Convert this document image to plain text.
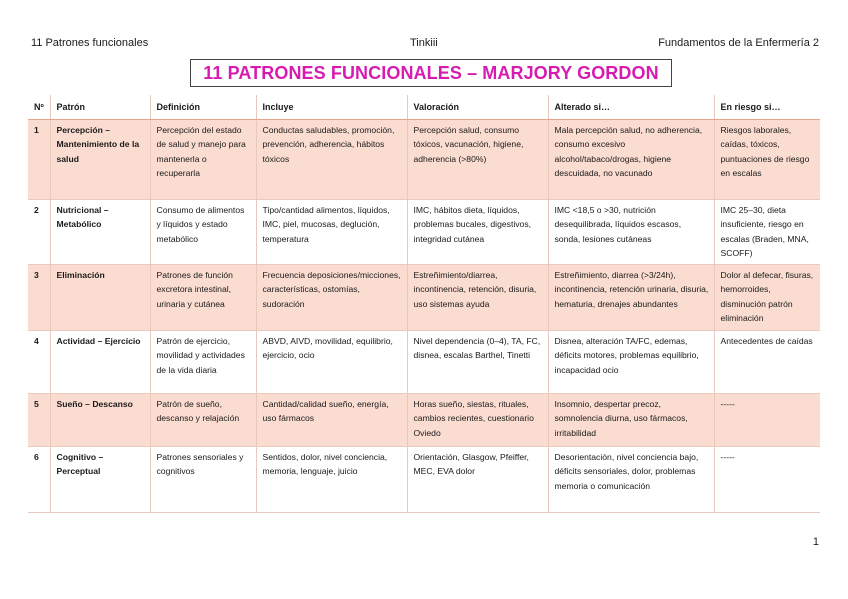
11 Patrones funcionales	Tinkiii	Fundamentos de la Enfermería 2
11 PATRONES FUNCIONALES – MARJORY GORDON
Nº	Patrón	Definición	Incluye	Valoración	Alterado si…	En riesgo si…
1	Percepción – Mantenimiento de la salud	Percepción del estado de salud y manejo para mantenerla o recuperarla	Conductas saludables, promoción, prevención, adherencia, hábitos tóxicos	Percepción salud, consumo tóxicos, vacunación, higiene, adherencia (>80%)	Mala percepción salud, no adherencia, consumo excesivo alcohol/tabaco/drogas, higiene descuidada, no vacunado	Riesgos laborales, caídas, tóxicos, puntuaciones de riesgo en escalas
2	Nutricional – Metabólico	Consumo de alimentos y líquidos y estado metabólico	Tipo/cantidad alimentos, líquidos, IMC, piel, mucosas, deglución, temperatura	IMC, hábitos dieta, líquidos, problemas bucales, digestivos, integridad cutánea	IMC <18,5 o >30, nutrición desequilibrada, líquidos escasos, sonda, lesiones cutáneas	IMC 25–30, dieta insuficiente, riesgo en escalas (Braden, MNA, SCOFF)
3	Eliminación	Patrones de función excretora intestinal, urinaria y cutánea	Frecuencia deposiciones/micciones, características, ostomías, sudoración	Estreñimiento/diarrea, incontinencia, retención, disuria, uso sistemas ayuda	Estreñimiento, diarrea (>3/24h), incontinencia, retención urinaria, disuria, hematuria, drenajes abundantes	Dolor al defecar, fisuras, hemorroides, disminución patrón eliminación
4	Actividad – Ejercicio	Patrón de ejercicio, movilidad y actividades de la vida diaria	ABVD, AIVD, movilidad, equilibrio, ejercicio, ocio	Nivel dependencia (0–4), TA, FC, disnea, escalas Barthel, Tinetti	Disnea, alteración TA/FC, edemas, déficits motores, problemas equilibrio, incapacidad ocio	Antecedentes de caídas
5	Sueño – Descanso	Patrón de sueño, descanso y relajación	Cantidad/calidad sueño, energía, uso fármacos	Horas sueño, siestas, rituales, cambios recientes, cuestionario Oviedo	Insomnio, despertar precoz, somnolencia diurna, uso fármacos, irritabilidad	-----
6	Cognitivo – Perceptual	Patrones sensoriales y cognitivos	Sentidos, dolor, nivel conciencia, memoria, lenguaje, juicio	Orientación, Glasgow, Pfeiffer, MEC, EVA dolor	Desorientación, nivel conciencia bajo, déficits sensoriales, dolor, problemas memoria o comunicación	-----
1
